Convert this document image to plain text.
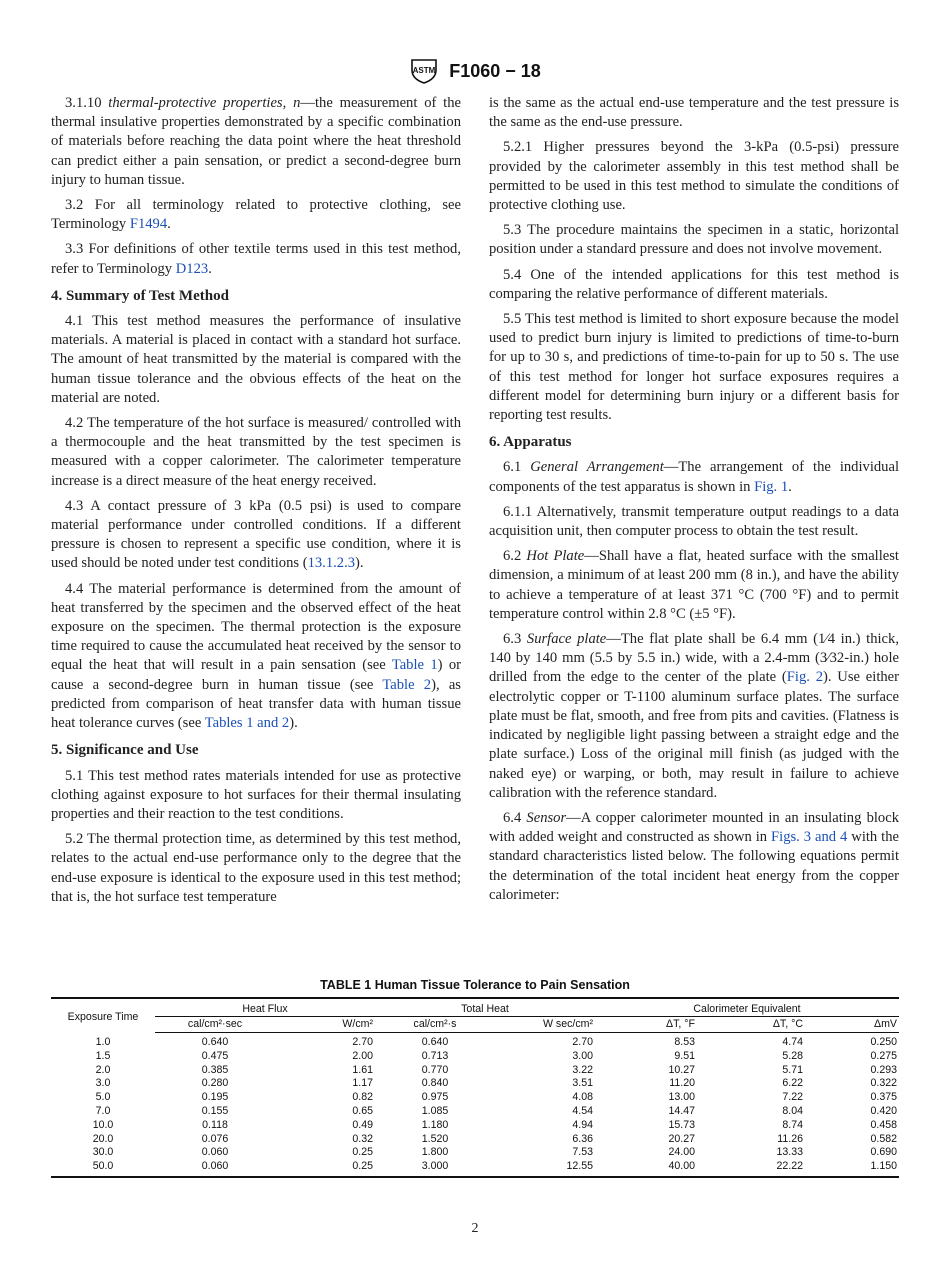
ASTM F1060 − 18

3.1.10 thermal-protective properties, n—the measurement of the thermal insulative properties demonstrated by a specific combination of materials before reaching the data point where the heat threshold can predict either a pain sensation, or predict a second-degree burn injury to human tissue.

3.2 For all terminology related to protective clothing, see Terminology F1494.

3.3 For definitions of other textile terms used in this test method, refer to Terminology D123.

4. Summary of Test Method

4.1 This test method measures the performance of insulative materials. A material is placed in contact with a standard hot surface. The amount of heat transmitted by the material is compared with the human tissue tolerance and the obvious effects of the heat on the material are noted.

4.2 The temperature of the hot surface is measured/ controlled with a thermocouple and the heat transmitted by the test specimen is measured with a copper calorimeter. The calorimeter temperature increase is a direct measure of the heat energy received.

4.3 A contact pressure of 3 kPa (0.5 psi) is used to compare material performance under controlled conditions. If a different pressure is chosen to represent a specific use condition, where it is used should be noted under test conditions (13.1.2.3).

4.4 The material performance is determined from the amount of heat transferred by the specimen and the observed effect of the heat exposure on the specimen. The thermal protection is the exposure time required to cause the accumulated heat received by the sensor to equal the heat that will result in a pain sensation (see Table 1) or cause a second-degree burn in human tissue (see Table 2), as predicted from comparison of heat transfer data with human tissue heat tolerance curves (see Tables 1 and 2).

5. Significance and Use

5.1 This test method rates materials intended for use as protective clothing against exposure to hot surfaces for their thermal insulating properties and their reaction to the test conditions.

5.2 The thermal protection time, as determined by this test method, relates to the actual end-use performance only to the degree that the end-use exposure is identical to the exposure used in this test method; that is, the hot surface test temperature

is the same as the actual end-use temperature and the test pressure is the same as the end-use pressure.

5.2.1 Higher pressures beyond the 3-kPa (0.5-psi) pressure provided by the calorimeter assembly in this test method shall be permitted to be used in this test method to simulate the conditions of protective clothing use.

5.3 The procedure maintains the specimen in a static, horizontal position under a standard pressure and does not involve movement.

5.4 One of the intended applications for this test method is comparing the relative performance of different materials.

5.5 This test method is limited to short exposure because the model used to predict burn injury is limited to predictions of time-to-burn for up to 30 s, and predictions of time-to-pain for up to 50 s. The use of this test method for longer hot surface exposures requires a different model for determining burn injury or a different basis for reporting test results.

6. Apparatus

6.1 General Arrangement—The arrangement of the individual components of the test apparatus is shown in Fig. 1.

6.1.1 Alternatively, transmit temperature output readings to a data acquisition unit, then computer process to obtain the test result.

6.2 Hot Plate—Shall have a flat, heated surface with the smallest dimension, a minimum of at least 200 mm (8 in.), and have the ability to achieve a temperature of at least 371 °C (700 °F) and to permit temperature control within 2.8 °C (±5 °F).

6.3 Surface plate—The flat plate shall be 6.4 mm (1⁄4 in.) thick, 140 by 140 mm (5.5 by 5.5 in.) wide, with a 2.4-mm (3⁄32-in.) hole drilled from the edge to the center of the plate (Fig. 2). Use either electrolytic copper or T-1100 aluminum surface plates. The surface plate must be flat, smooth, and free from pits and cavities. (Flatness is indicated by negligible light passing between a straight edge and the plate surface.) Loss of the original mill finish (as judged with the naked eye) or warping, or both, may result in failure to achieve calibration with the reference standard.

6.4 Sensor—A copper calorimeter mounted in an insulating block with added weight and constructed as shown in Figs. 3 and 4 with the standard characteristics listed below. The following equations permit the determination of the total incident heat energy from the copper calorimeter:

TABLE 1 Human Tissue Tolerance to Pain Sensation
Exposure Time	Heat Flux		Total Heat		Calorimeter Equivalent		
	cal/cm²·sec	W/cm²	cal/cm²·s	W sec/cm²	ΔT, °F	ΔT, °C	ΔmV
1.0	0.640	2.70	0.640	2.70	8.53	4.74	0.250
1.5	0.475	2.00	0.713	3.00	9.51	5.28	0.275
2.0	0.385	1.61	0.770	3.22	10.27	5.71	0.293
3.0	0.280	1.17	0.840	3.51	11.20	6.22	0.322
5.0	0.195	0.82	0.975	4.08	13.00	7.22	0.375
7.0	0.155	0.65	1.085	4.54	14.47	8.04	0.420
10.0	0.118	0.49	1.180	4.94	15.73	8.74	0.458
20.0	0.076	0.32	1.520	6.36	20.27	11.26	0.582
30.0	0.060	0.25	1.800	7.53	24.00	13.33	0.690
50.0	0.060	0.25	3.000	12.55	40.00	22.22	1.150
2
